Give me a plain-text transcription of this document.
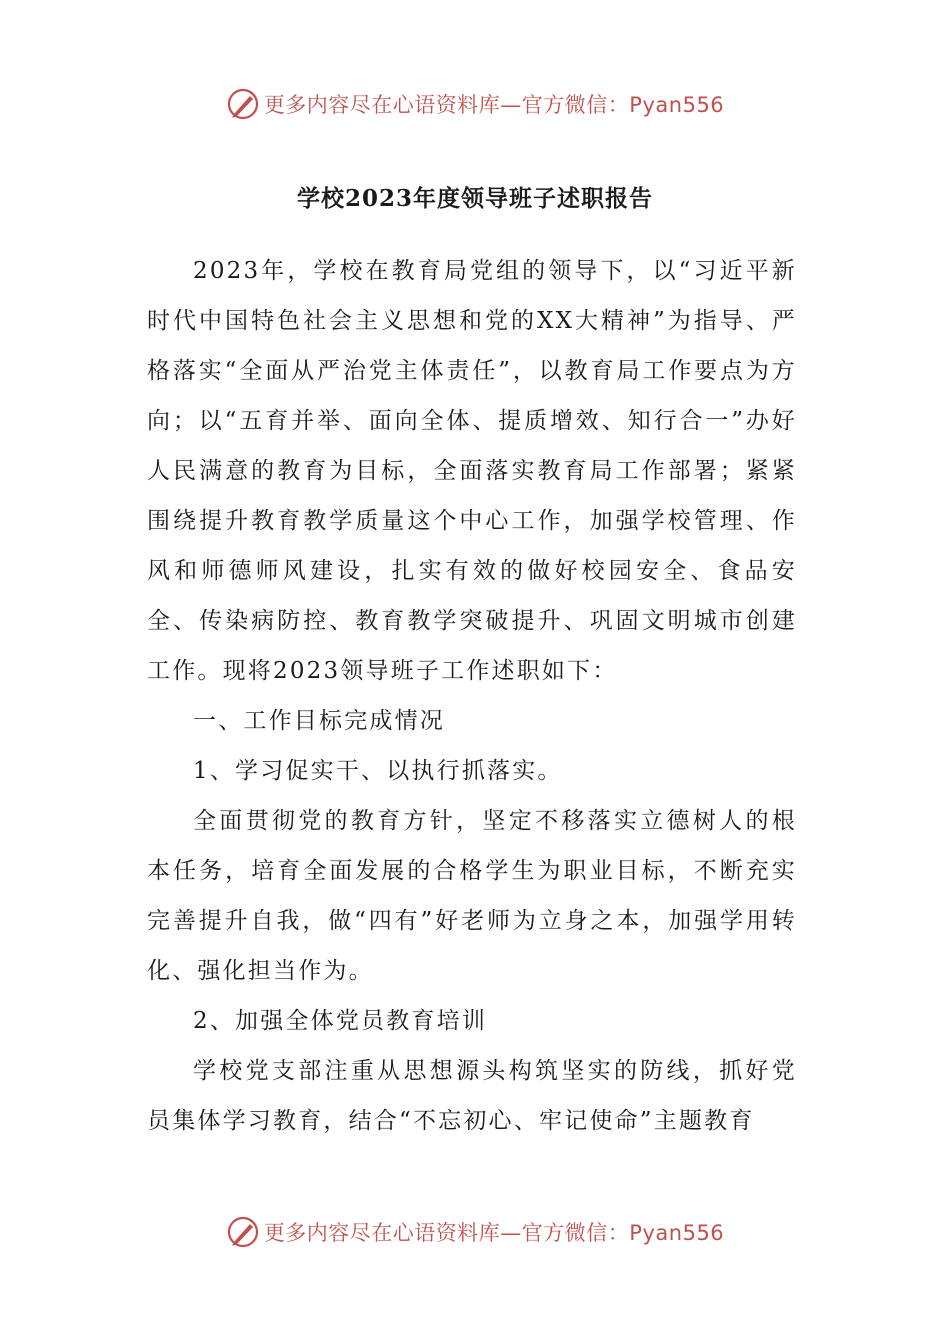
更多内容尽在心语资料库—官方微信：Pyan556
学校2023年度领导班子述职报告

2023年，学校在教育局党组的领导下，以“习近平新时代中国特色社会主义思想和党的XX大精神”为指导、严格落实“全面从严治党主体责任”，以教育局工作要点为方向；以“五育并举、面向全体、提质增效、知行合一”办好人民满意的教育为目标，全面落实教育局工作部署；紧紧围绕提升教育教学质量这个中心工作，加强学校管理、作风和师德师风建设，扎实有效的做好校园安全、食品安全、传染病防控、教育教学突破提升、巩固文明城市创建工作。现将2023领导班子工作述职如下：

一、工作目标完成情况

1、学习促实干、以执行抓落实。

全面贯彻党的教育方针，坚定不移落实立德树人的根本任务，培育全面发展的合格学生为职业目标，不断充实完善提升自我，做“四有”好老师为立身之本，加强学用转化、强化担当作为。

2、加强全体党员教育培训

学校党支部注重从思想源头构筑坚实的防线，抓好党员集体学习教育，结合“不忘初心、牢记使命”主题教育

更多内容尽在心语资料库—官方微信：Pyan556
